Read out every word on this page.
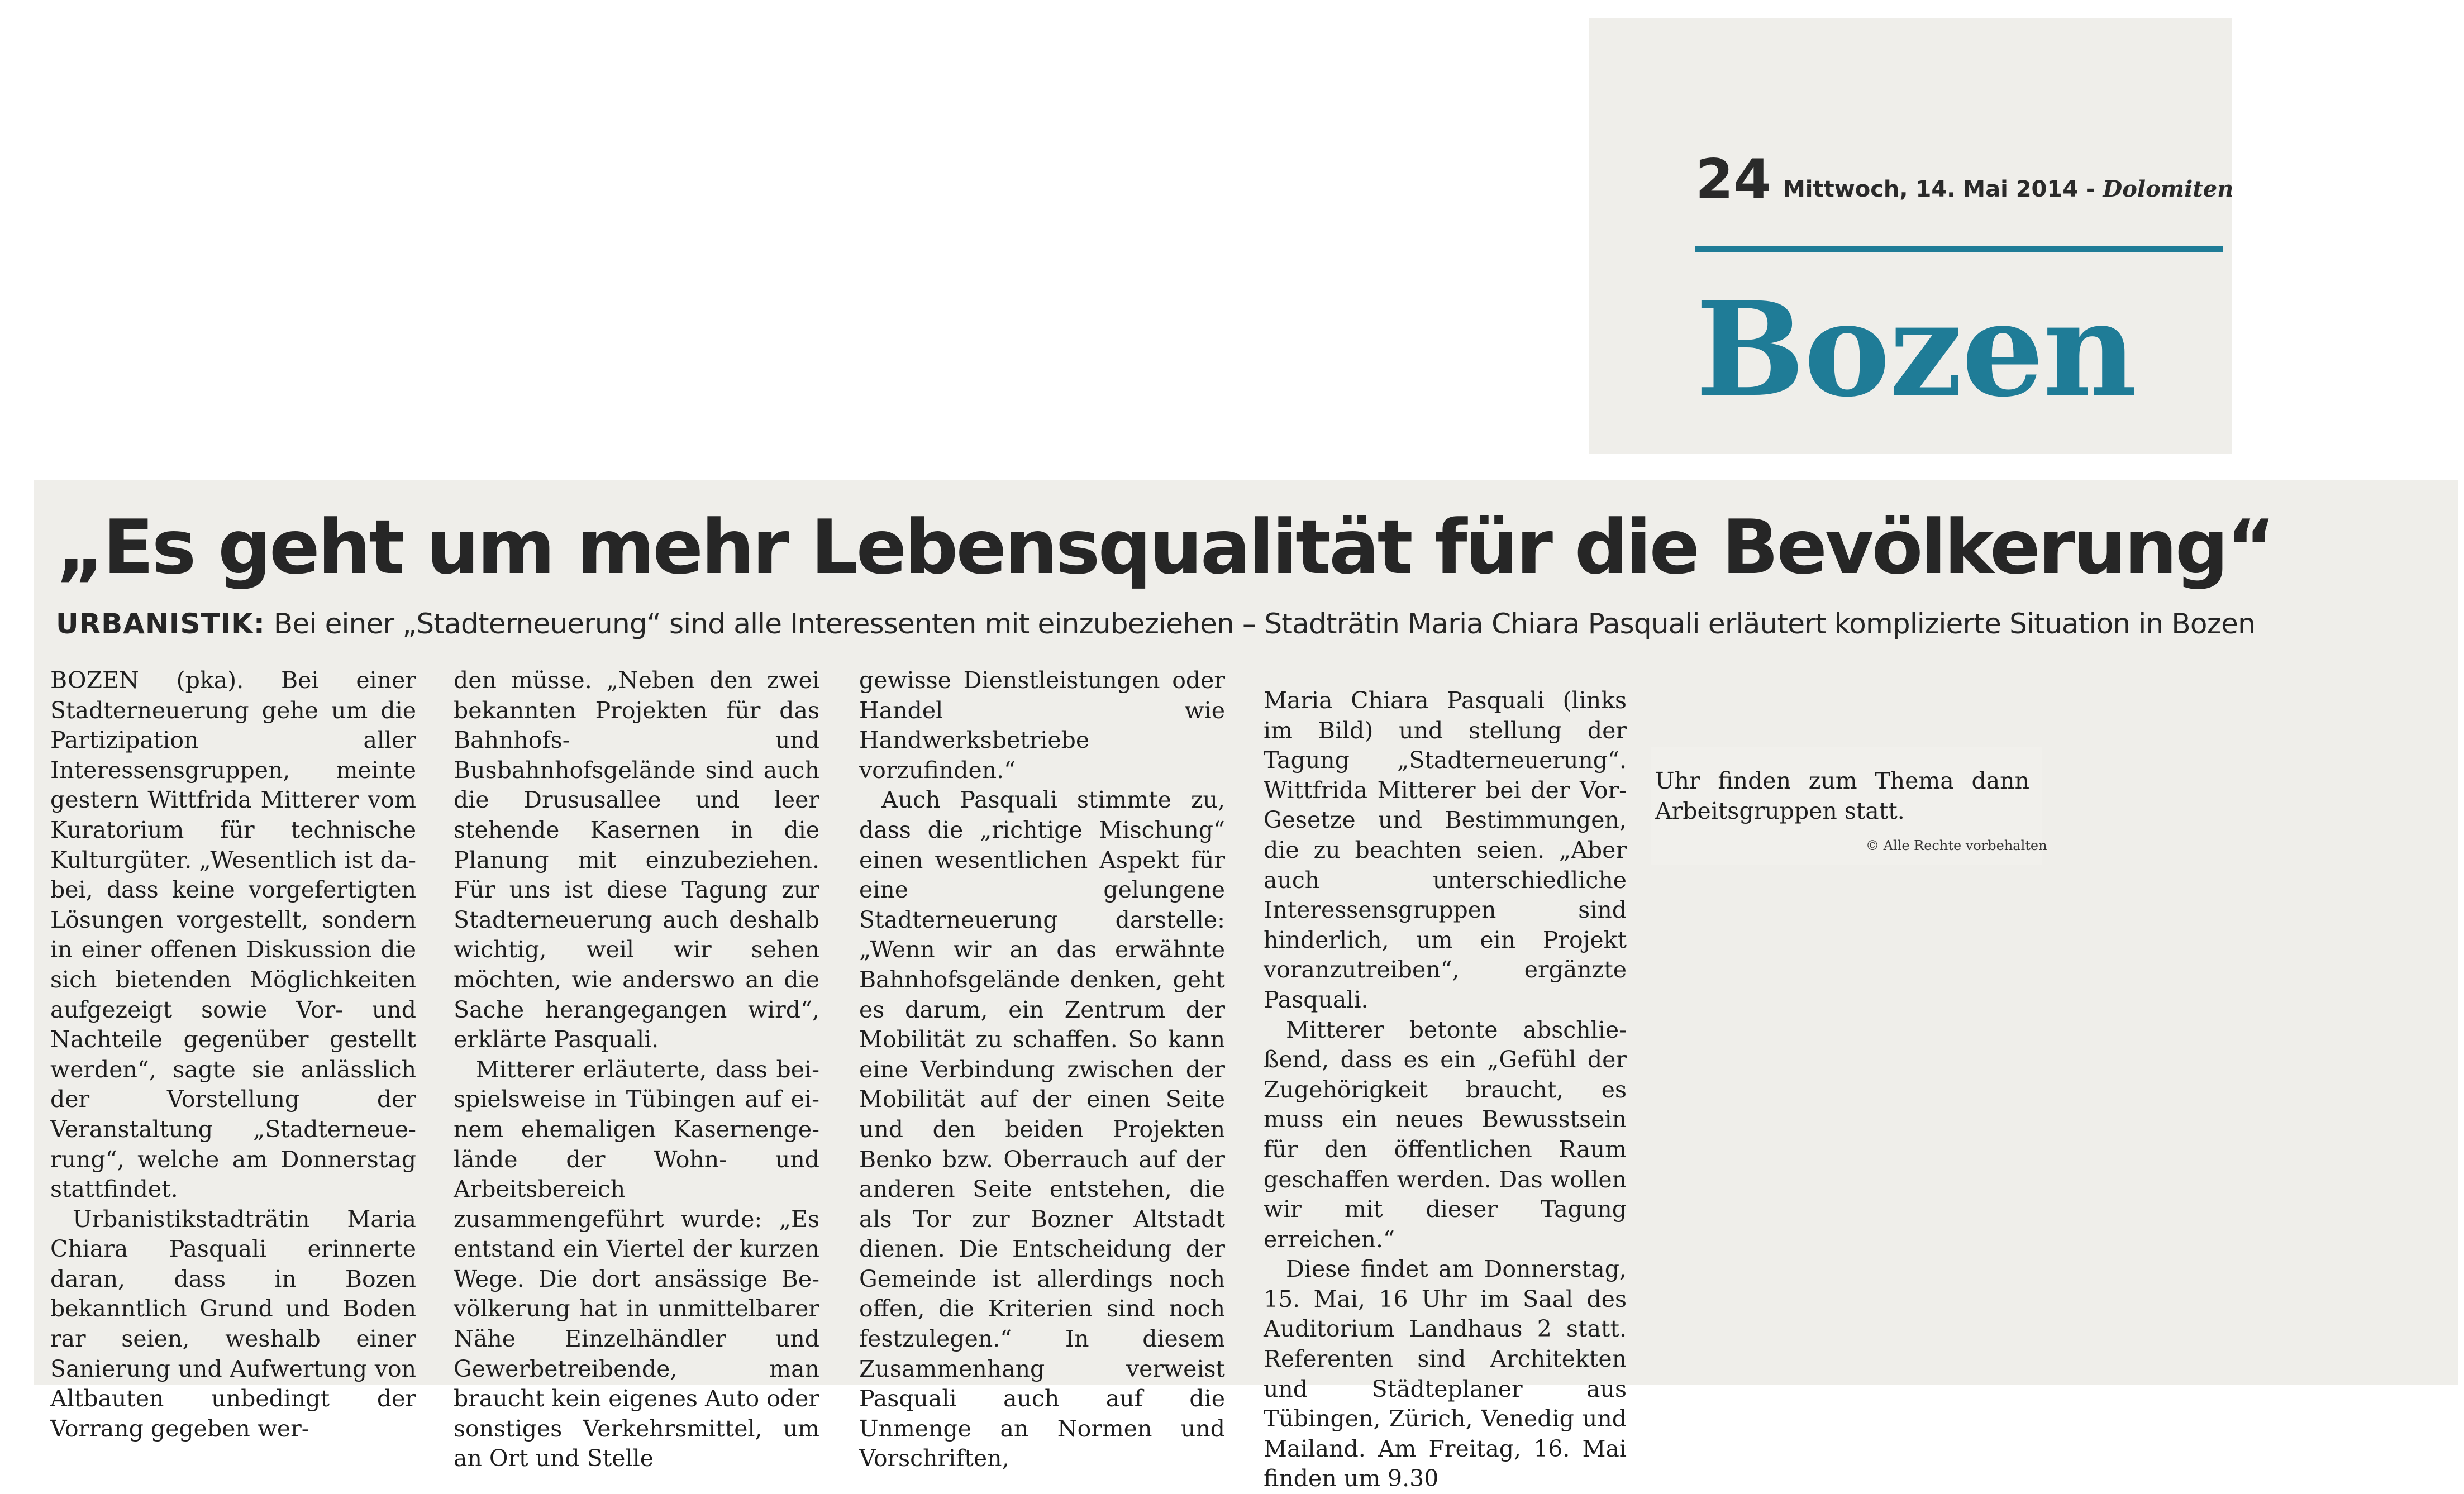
24 Mittwoch, 14. Mai 2014 - Dolomiten
Bozen
„Es geht um mehr Lebensqualität für die Bevölkerung“
URBANISTIK: Bei einer „Stadterneuerung“ sind alle Interessenten mit einzubeziehen – Stadträtin Maria Chiara Pasquali erläutert komplizierte Situation in Bozen

BOZEN (pka). Bei einer Stadterneuerung gehe um die Partizipation aller Interessensgruppen, meinte gestern Wittfrida Mitterer vom Kuratorium für technische Kulturgüter. „Wesentlich ist dabei, dass keine vorgefertigten Lösungen vorgestellt, sondern in einer offenen Diskussion die sich bietenden Möglichkeiten aufgezeigt sowie Vor- und Nachteile gegenüber gestellt werden“, sagte sie anlässlich der Vorstellung der Veranstaltung „Stadterneuerung“, welche am Donnerstag stattfindet.

Urbanistikstadträtin Maria Chiara Pasquali erinnerte daran, dass in Bozen bekanntlich Grund und Boden rar seien, weshalb einer Sanierung und Aufwertung von Altbauten unbedingt der Vorrang gegeben wer-

den müsse. „Neben den zwei bekannten Projekten für das Bahnhofs- und Busbahnhofsgelände sind auch die Drususallee und leer stehende Kasernen in die Planung mit einzubeziehen. Für uns ist diese Tagung zur Stadterneuerung auch deshalb wichtig, weil wir sehen möchten, wie anderswo an die Sache herangegangen wird“, erklärte Pasquali.

Mitterer erläuterte, dass beispielsweise in Tübingen auf einem ehemaligen Kasernengelände der Wohn- und Arbeitsbereich zusammengeführt wurde: „Es entstand ein Viertel der kurzen Wege. Die dort ansässige Bevölkerung hat in unmittelbarer Nähe Einzelhändler und Gewerbetreibende, man braucht kein eigenes Auto oder sonstiges Verkehrsmittel, um an Ort und Stelle

gewisse Dienstleistungen oder Handel wie Handwerksbetriebe vorzufinden.“

Auch Pasquali stimmte zu, dass die „richtige Mischung“ einen wesentlichen Aspekt für eine gelungene Stadterneuerung darstelle: „Wenn wir an das erwähnte Bahnhofsgelände denken, geht es darum, ein Zentrum der Mobilität zu schaffen. So kann eine Verbindung zwischen der Mobilität auf der einen Seite und den beiden Projekten Benko bzw. Oberrauch auf der anderen Seite entstehen, die als Tor zur Bozner Altstadt dienen. Die Entscheidung der Gemeinde ist allerdings noch offen, die Kriterien sind noch festzulegen.“ In diesem Zusammenhang verweist Pasquali auch auf die Unmenge an Normen und Vorschriften,

Maria Chiara Pasquali (links im Bild) und stellung der Tagung „Stadterneuerung“. Wittfrida Mitterer bei der VorGesetze und Bestimmungen, die zu beachten seien. „Aber auch unterschiedliche Interessensgruppen sind hinderlich, um ein Projekt voranzutreiben“, ergänzte Pasquali.

Mitterer betonte abschließend, dass es ein „Gefühl der Zugehörigkeit braucht, es muss ein neues Bewusstsein für den öffentlichen Raum geschaffen werden. Das wollen wir mit dieser Tagung erreichen.“

Diese findet am Donnerstag, 15. Mai, 16 Uhr im Saal des Auditorium Landhaus 2 statt. Referenten sind Architekten und Städteplaner aus Tübingen, Zürich, Venedig und Mailand. Am Freitag, 16. Mai finden um 9.30

Uhr finden zum Thema dann Arbeitsgruppen statt.

© Alle Rechte vorbehalten
